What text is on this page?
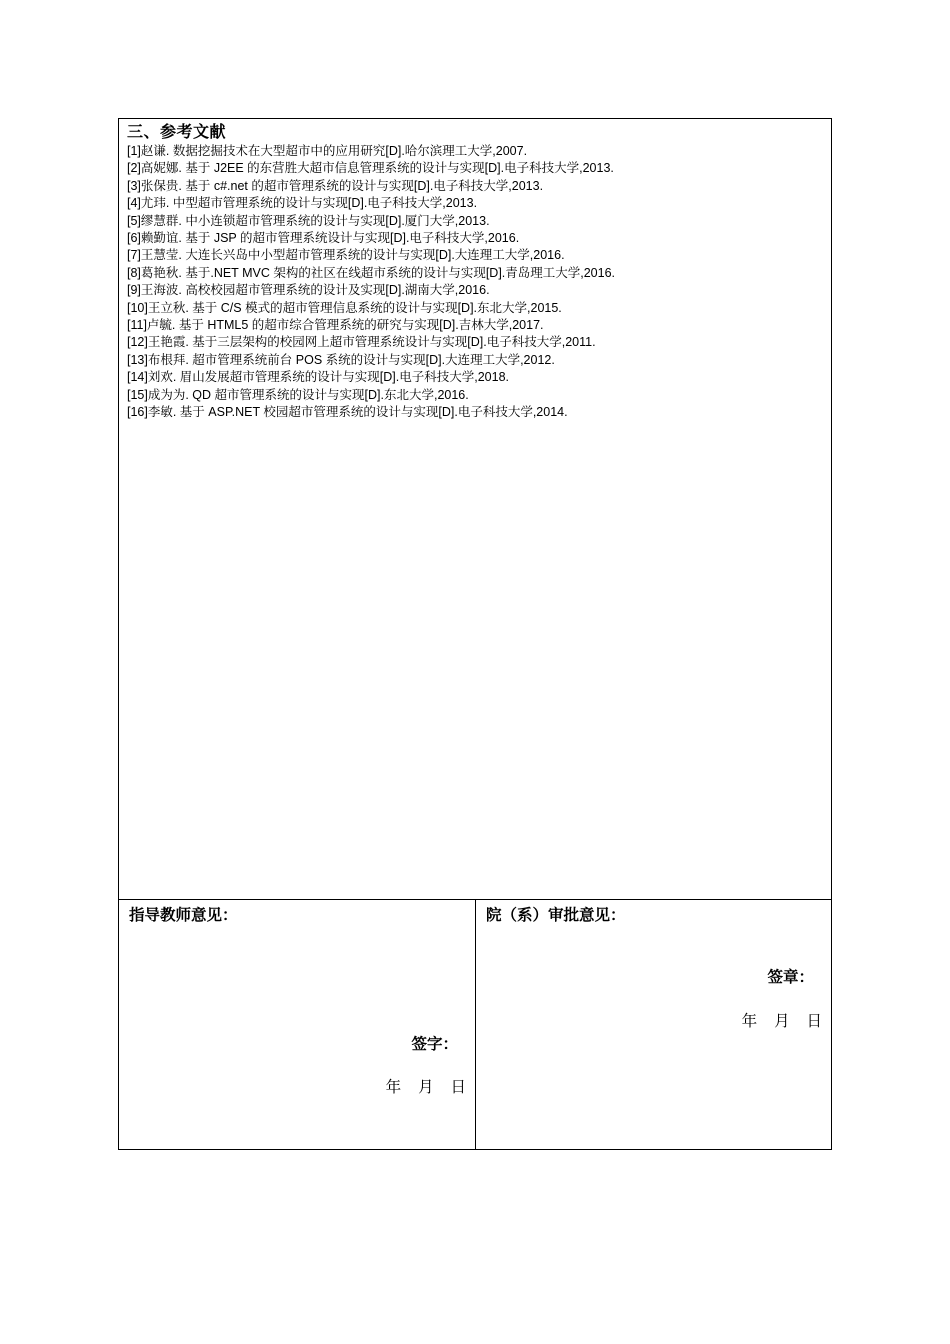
三、参考文献
[1]赵谦. 数据挖掘技术在大型超市中的应用研究[D].哈尔滨理工大学,2007.
[2]高妮娜. 基于 J2EE 的东营胜大超市信息管理系统的设计与实现[D].电子科技大学,2013.
[3]张保贵. 基于 c#.net 的超市管理系统的设计与实现[D].电子科技大学,2013.
[4]尤玮. 中型超市管理系统的设计与实现[D].电子科技大学,2013.
[5]缪慧群. 中小连锁超市管理系统的设计与实现[D].厦门大学,2013.
[6]赖勤谊. 基于 JSP 的超市管理系统设计与实现[D].电子科技大学,2016.
[7]王慧莹. 大连长兴岛中小型超市管理系统的设计与实现[D].大连理工大学,2016.
[8]葛艳秋. 基于.NET MVC 架构的社区在线超市系统的设计与实现[D].青岛理工大学,2016.
[9]王海波. 高校校园超市管理系统的设计及实现[D].湖南大学,2016.
[10]王立秋. 基于 C/S 模式的超市管理信息系统的设计与实现[D].东北大学,2015.
[11]卢毓. 基于 HTML5 的超市综合管理系统的研究与实现[D].吉林大学,2017.
[12]王艳霞. 基于三层架构的校园网上超市管理系统设计与实现[D].电子科技大学,2011.
[13]布根拜. 超市管理系统前台 POS 系统的设计与实现[D].大连理工大学,2012.
[14]刘欢. 眉山发展超市管理系统的设计与实现[D].电子科技大学,2018.
[15]成为为. QD 超市管理系统的设计与实现[D].东北大学,2016.
[16]李敏. 基于 ASP.NET 校园超市管理系统的设计与实现[D].电子科技大学,2014.
指导教师意见：
签字：
年 月 日
院（系）审批意见：
签章：
年 月 日
